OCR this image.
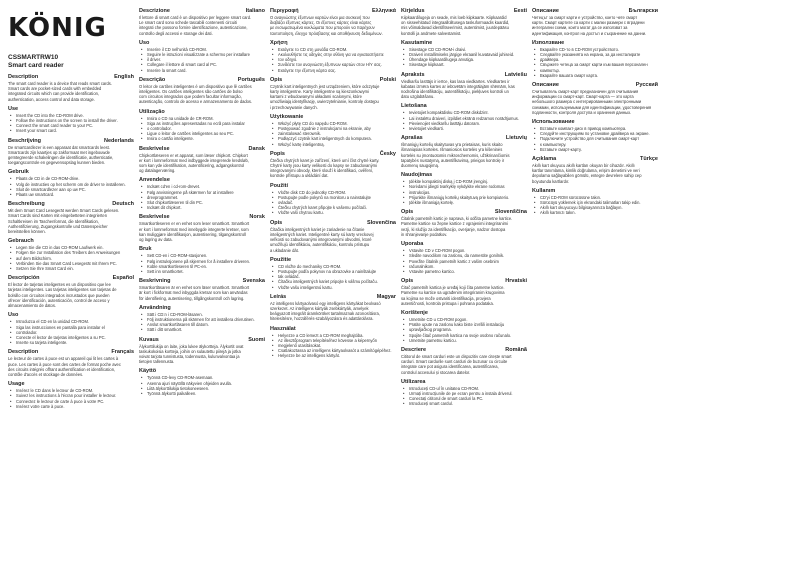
KÖNIG

CSSMARTRW10

Smart card reader

Description	English

The smart card reader is a device that reads smart cards.

Smart cards are pocket-sized cards with embedded

integrated circuits which can provide identification,

authentication, access control and data storage.

Use
• Insert the CD into the CD-ROM drive.
• Follow the instructions on the screen to install the driver.
• Connect the smart card reader to your PC.
• Insert your smart card.
Beschrijving	Nederlands

De smartcardlezer is een apparaat dat smartcards leest.

Smartcards zijn kaartjes op zakformaat met ingebouwde

geïntegreerde schakelingen die identificatie, authenticatie,

toegangscontrole en gegevensopslag kunnen bieden.

Gebruik
• Plaats de CD in de CD-ROM-drive.
• Volg de instructies op het scherm om de driver te installeren.
• Sluit de smartcardlezer aan op uw PC.
• Plaats uw smartcard.
Beschreibung	Deutsch

Mit dem Smart Card Lesegerät werden Smart Cards gelesen.

Smart Cards sind Karten mit eingebetteten integrierten

Schaltkreisen im Taschenformat, die Identifikation,

Authentifizierung, Zugangskontrolle und Datenspeicher

bereitstellen können.

Gebrauch
• Legen Sie die CD in das CD-ROM Laufwerk ein.
• Folgen Sie zur Installation des Treibers den Anweisungen
• auf dem Bildschirm.
• Verbinden Sie das Smart Card Lesegerät mit Ihrem PC.
• Setzen Sie Ihre Smart Card ein.
Descripción	Español

El lector de tarjetas inteligentes es un dispositivo que lee

tarjetas inteligentes. Las tarjetas inteligentes son tarjetas de

bolsillo con circuitos integrados incrustados que pueden

ofrecer identificación, autenticación, control de acceso y

almacenamiento de datos.

Uso
• Introduzca el CD en la unidad CD-ROM.
• Siga las instrucciones en pantalla para instalar el
• controlador.
• Conecte el lector de tarjetas inteligentes a su PC.
• Inserte su tarjeta inteligente.
Description	Français

Le lecteur de cartes à puce est un appareil qui lit les cartes à

puce. Les cartes à puce sont des cartes de format poche avec

des circuits intégrés offrant authentification et identification,

contrôle d'accès et stockage de données.

Usage
• Insérez le CD dans le lecteur de CD-ROM.
• Suivez les instructions à l'écran pour installer le lecteur.
• Connectez le lecteur de carte à puce à votre PC.
• Insérez votre carte à puce.
Descrizione	Italiano

Il lettore di smart card è un dispositivo per leggere smart card.

Le smart card sono schede tascabili contenenti circuiti

integrati che possono fornire identificazione, autenticazione,

controllo degli accessi e storage dei dati.

Uso
• Inserire il CD nell'unità CD-ROM.
• Seguire le istruzioni visualizzate a schermo per installare
• il driver.
• Collegare il lettore di smart card al PC.
• Inserire la smart card.
Descrição	Português

O leitor de cartões inteligentes é um dispositivo que lê cartões

inteligentes. Os cartões inteligentes são cartões de bolso

com circuitos integrados que podem facultar informação,

autenticação, controlo de acesso e armazenamento de dados.

Utilização
• Insira o CD na unidade de CR-ROM.
• Siga as instruções apresentadas no ecrã para instalar
• o controlador.
• Ligue o leitor de cartões inteligentes ao seu PC.
• Insira o cartão inteligente.
Beskrivelse	Dansk

Chipkortlæseren er et apparat, som læser chipkort. Chipkort

er kort i lommeformat med indbyggede integrerede kredsløb,

som kan yde identifikation, autentificering, adgangskontrol

og datalagerværing.

Anvendelse
• Indsæt cd'en i cd-rom-drevet.
• Følg anvisningerne på skærmen for at installere
• drevprogrammet.
• Slut chipkortlæseren til din PC.
• Indsæt dit chipkort.
Beskrivelse	Norsk

Smartkortleseren er en enhet som leser smartkort. Smartkort

er kort i lommeformat med innebygde integrerte kretser, som

kan muliggjøre identifikasjon, autentisering, tilgangskontroll

og lagring av data.

Bruk
• Sett CD-en i CD-ROM-stasjonen.
• Følg instruksjonene på skjermen for å installere driveren.
• Koble smartkortleseren til PC-en.
• Sett inn smartkortet.
Beskrivning	Svenska

Smartkortläsaren är en enhet som läser smartkort. Smartkort

är kort i fickformat med inbyggda kretsar som kan användas

för identifiering, autentisering, tillgångskontroll och lagring.

Användning
• Sätt i CD:n i CD-ROM-läsaren.
• Följ instruktionerna på skärmen för att installera drivrutinen.
• Anslut smartkortläsaren till datorn.
• Sätt i ditt smartkort.
Kuvaus	Suomi

Älykorttilukija on laite, joka lukee älykortteja. Älykortit ovat

taskukokoisia kortteja, joihin on sulautettu piirejä ja jotka

voivat tarjota tunnistusta, todennusta, kulunvalvontaa ja

tietojen tallennusta.

Käyttö
• Työnnä CD-levy CD-ROM-asemaan.
• Asenna ajuri näytöllä näkyvien ohjeiden avulla.
• Liitä älykorttilukija tietokoneeseen.
• Työnnä älykortti paikalleen.
Περιγραφή	Ελληνικά

Ο αναγνώστης έξυπνων καρτών είναι μια συσκευή που

διαβάζει έξυπνες κάρτες. Οι έξυπνες κάρτες είναι κάρτες

με ενσωματωμένα κυκλώματα που μπορούν να παρέχουν

ταυτοποίηση, έλεγχο πρόσβασης και αποθήκευση δεδομένων.

Χρήση
• Εισάγετε το CD στη μονάδα CD-ROM.
• Ακολουθήστε τις οδηγίες στην οθόνη για να εγκαταστήσετε
• τον οδηγό.
• Συνδέστε τον αναγνώστη έξυπνων καρτών στον Η/Υ σας.
• Εισάγετε την έξυπνη κάρτα σας.
Opis	Polski

Czytnik kart inteligentnych jest urządzeniem, które odczytuje

karty inteligentne. Karty inteligentne są kieszonkowymi

kartami z wbudowanymi układami scalonymi, które

umożliwiają identyfikację, uwierzytelnianie, kontrolę dostępu

i przechowywanie danych.

Użytkowanie
• Włożyć płytę CD do napędu CD-ROM.
• Postępować zgodnie z instrukcjami na ekranie, aby
• zainstalować sterownik.
• Podłączyć czytnik kart inteligentnych do komputera.
• Włożyć kartę inteligentną.
Popis	Česky

Čtečka chytrých karet je zařízení, které umí číst chytré karty.

Chytré karty jsou karty velikosti do kapsy se zabudovanými

integrovanými obvody, které slouží k identifikaci, ověření,

kontrole přístupu a ukládání dat.

Použití
• Vložte disk CD do jednotky CD-ROM.
• Postupujte podle pokynů na monitoru a nainstalujte
• ovladač.
• Čtečku chytrých karet připojte k vašemu počítači.
• Vložte vaši chytrou kartu.
Opis	Slovenčina

Čítačka inteligentných kariet je zariadenie na čítanie

inteligentných kariet. Inteligentné karty sú karty vreckovej

veľkosti so zabudovanými integrovanými obvodmi, ktoré

umožňujú identifikáciu, autentifikáciu, kontrolu prístupu

a ukladanie dát.

Použitie
• CD vložte do mechaniky CD-ROM.
• Postupujte podľa pokynov na obrazovke a nainštalujte
• tak ovládač.
• Čítačku inteligentných kariet pripojte k vášmu počítaču.
• Vložte vašu inteligentnú kartu.
Leírás	Magyar

Az intelligens kártyaolvasó egy intelligens kártyákat beolvasó

szerkezet. Az intelligens kártyák zsebkártyák, amelyek

beágyazott integrált áramköröket tartalmaznak azonosításra,

hitelesítésre, hozzáférés-szabályozásra és adattárolásra.

Használat
• Helyezze a CD lemezt a CD-ROM meghajtóba.
• Az illesztőprogram telepítéséhez kövesse a képernyőn
• megjelenő utasításokat.
• Csatlakoztassa az intelligens kártyaolvasót a számítógépéhez.
• Helyezze be az intelligens kártyát.
Kirjeldus	Eesti

Kiipkaardilugeja on seade, mis loeb kiipkaarte. Kiipkaardid

on sisseehitatud integraallülitusega taskuformaadis kaardid,

mis võimaldavad identifitseerimist, autentimist, juurdepääsu

kontrolli ja andmete salvestamist.

Kasutamine
• Sisestage CD CD-ROM-i draivi.
• Draiveri installimiseks järgige ekraanil kuvatavaid juhiseid.
• Ühendage kiipkaardilugeja arvutiga.
• Sisestage kiipkaart.
Apraksts	Latviešu

Viedkaršu lasītājs ir ierīce, kas lasa viedkartes. Viedkartes ir

kabatas izmēra kartes ar iebūvētām integrālajām shēmām, kas

nodrošina identifikāciju, autentifikāciju, piekļuves kontroli un

datu uzglabāšanu.

Lietošana
• Ievietojiet kompaktdisku CD-ROM diskdzinī.
• Lai instalētu draiveri, izpildiet ekrānā redzamos norādījumus.
• Pievienojiet viedkaršu lasītāju datoram.
• Ievietojiet viedkarti.
Aprašas	Lietuvių

Išmaniųjų kortelių skaitytuvas yra prietaisas, kuris skaito

išmaniąsias korteles. Išmaniosios kortelės yra kišeninės

kortelės su įmontuotomis mikroschemomis, užtikrinančiomis

tapatybės nustatymą, autentifikavimą, prieigos kontrolę ir

duomenų saugojimą.

Naudojimas
• Įdėkite kompaktinį diską į CD-ROM įrenginį.
• Norėdami įdiegti tvarkyklę vykdykite ekrane rodomas
• instrukcijas.
• Prijunkite išmaniųjų kortelių skaitytuvą prie kompiuterio.
• Įdėkite išmaniąją kortelę.
Opis	Slovenščina

Čitalnik pametnih kartic je naprava, ki odčita pametne kartice.

Pametne kartice so žepne kartice z vgrajenimi integriranimi

vezji, ki služijo za identifikacijo, overjanje, nadzor dostopa

in shranjevanje podatkov.

Uporaba
• Vstavite CD v CD-ROM pogon.
• Sledite navodilom na zaslonu, da namestite gonilnik.
• Povežite čitalnik pametnih kartic z vašim osebnim
• računalnikom.
• Vstavite pametno kartico.
Opis	Hrvatski

Čitač pametnih kartica je uređaj koji čita pametne kartice.

Pametne su kartice sa ugrađenim integriranim krugovima

sa kojima se može ostvariti identifikacija, provjera

autentičnosti, kontrola pristupa i pohrana podataka.

Korištenje
• Umetnite CD u CD-ROM pogon.
• Pratite upute na zaslonu kako biste izvršili instalaciju
• upravljačkog programa.
• Spojite čitač pametnih kartica na svoje osobno računalo.
• Umetnite pametnu karticu.
Descriere	Română

Cititorul de smart carduri este un dispozitiv care citește smart

carduri. Smart cardurile sunt carduri de buzunar cu circuite

integrate care pot asigura identificarea, autentificarea,

controlul accesului și stocarea datelor.

Utilizarea
• Introduceți CD-ul în unitatea CD-ROM.
• Urmați instrucțiunile de pe ecran pentru a instala driverul.
• Conectați cititorul de smart carduri la PC.
• Introduceți smart cardul.
Описание	Български

Четецът за смарт карти е устройство, което чете смарт

карти. Смарт картите са карти с малки размери с вградени

интегрални схеми, които могат да се използват за

идентификация, контрол на достъп и съхранение на данни.

Използване
• Вкарайте CD-то в CD-ROM устройството.
• Следвайте указанията на екрана, за да инсталирате
• драйвера.
• Свържете четеца за смарт карти към вашия персонален
• компютър.
• Вкарайте вашата смарт карта.
Описание	Русский

Считыватель смарт-карт предназначен для считывания

информации со смарт-карт. Смарт-карта — это карта

небольшого размера с интегрированными электронными

схемами, используемыми для идентификации, удостоверения

подлинности, контроля доступа и хранения данных.

Использование
• Вставьте компакт-диск в привод компьютера.
• Следуйте инструкциям по установке драйвера на экране.
• Подключите устройство для считывания смарт-карт
• к компьютеру.
• Вставьте смарт-карту.
Açıklama	Türkçe

Akıllı kart okuyucu akıllı kartları okuyan bir cihazdır. Akıllı

kartlar tanımlama, kimlik doğrulama, erişim denetimi ve veri

depolama sağlayabilen gömülü, entegre devrelere sahip cep

boyutunda kartlardır.

Kullanım
• CD'yi CD-ROM sürücüsüne takın.
• Sürücüyü yüklemek için ekrandaki talimatları takip edin.
• Akıllı kart okuyucuyu bilgisayarınıza bağlayın.
• Akıllı kartınızı takın.
